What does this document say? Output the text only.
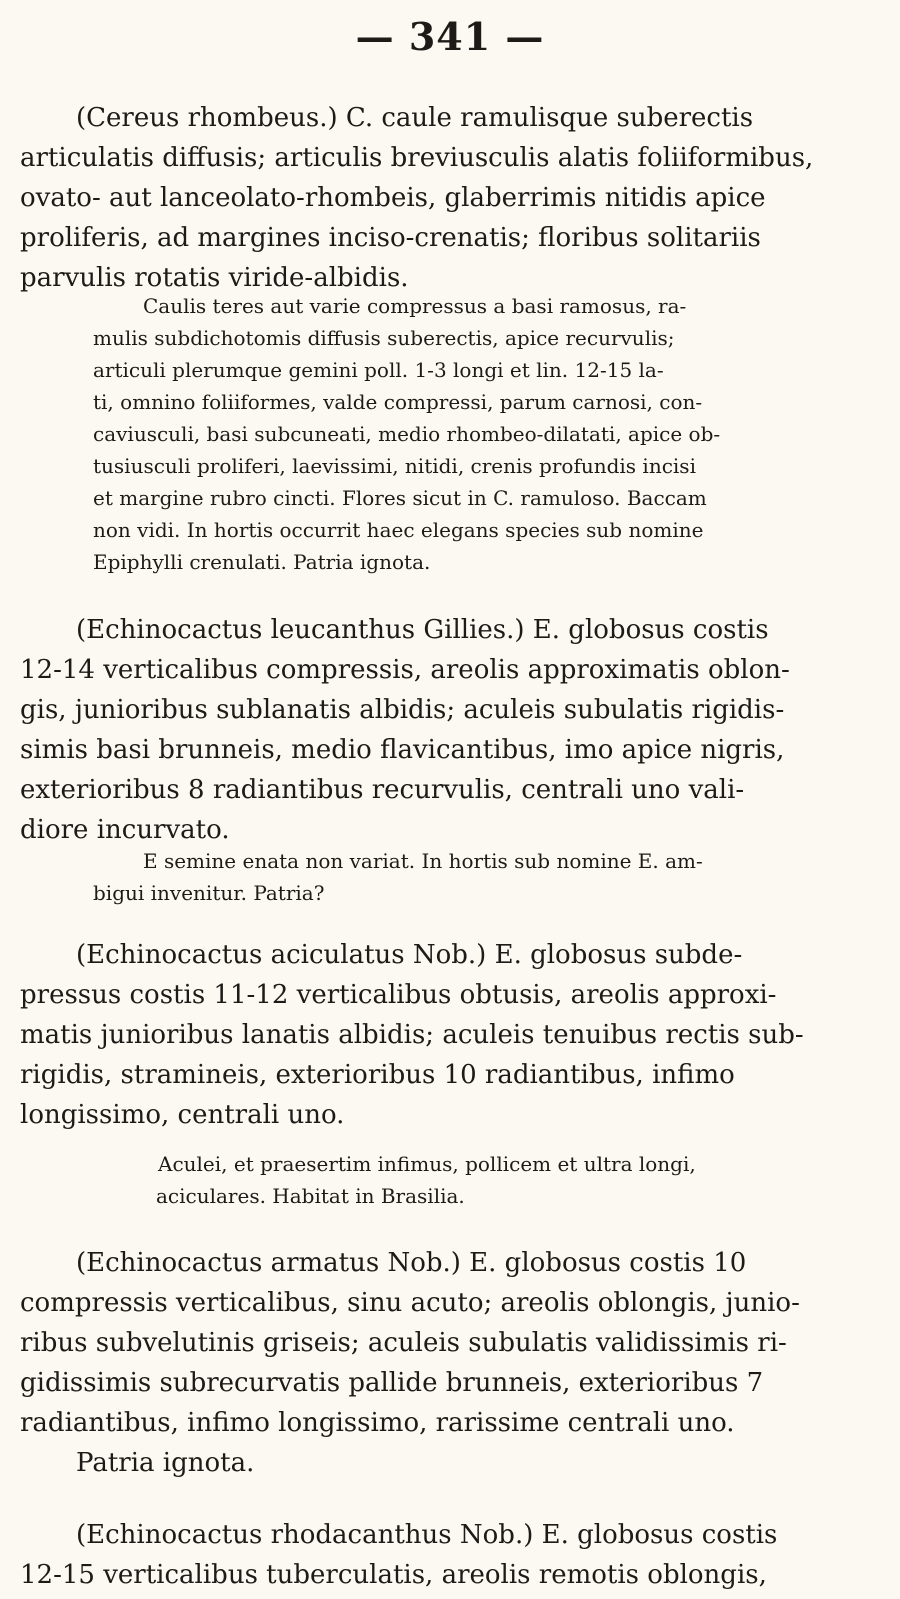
— 341 —
(Cereus rhombeus.) C. caule ramulisque suberectis
articulatis diffusis; articulis breviusculis alatis foliiformibus,
ovato- aut lanceolato-rhombeis, glaberrimis nitidis apice
proliferis, ad margines inciso-crenatis; floribus solitariis
parvulis rotatis viride-albidis.
Caulis teres aut varie compressus a basi ramosus, ra-
mulis subdichotomis diffusis suberectis, apice recurvulis;
articuli plerumque gemini poll. 1-3 longi et lin. 12-15 la-
ti, omnino foliiformes, valde compressi, parum carnosi, con-
caviusculi, basi subcuneati, medio rhombeo-dilatati, apice ob-
tusiusculi proliferi, laevissimi, nitidi, crenis profundis incisi
et margine rubro cincti. Flores sicut in C. ramuloso. Baccam
non vidi. In hortis occurrit haec elegans species sub nomine
Epiphylli crenulati. Patria ignota.
(Echinocactus leucanthus Gillies.) E. globosus costis
12-14 verticalibus compressis, areolis approximatis oblon-
gis, junioribus sublanatis albidis; aculeis subulatis rigidis-
simis basi brunneis, medio flavicantibus, imo apice nigris,
exterioribus 8 radiantibus recurvulis, centrali uno vali-
diore incurvato.
E semine enata non variat. In hortis sub nomine E. am-
bigui invenitur. Patria?
(Echinocactus aciculatus Nob.) E. globosus subde-
pressus costis 11-12 verticalibus obtusis, areolis approxi-
matis junioribus lanatis albidis; aculeis tenuibus rectis sub-
rigidis, stramineis, exterioribus 10 radiantibus, infimo
longissimo, centrali uno.
Aculei, et praesertim infimus, pollicem et ultra longi,
aciculares. Habitat in Brasilia.
(Echinocactus armatus Nob.) E. globosus costis 10
compressis verticalibus, sinu acuto; areolis oblongis, junio-
ribus subvelutinis griseis; aculeis subulatis validissimis ri-
gidissimis subrecurvatis pallide brunneis, exterioribus 7
radiantibus, infimo longissimo, rarissime centrali uno.
Patria ignota.
(Echinocactus rhodacanthus Nob.) E. globosus costis
12-15 verticalibus tuberculatis, areolis remotis oblongis,
